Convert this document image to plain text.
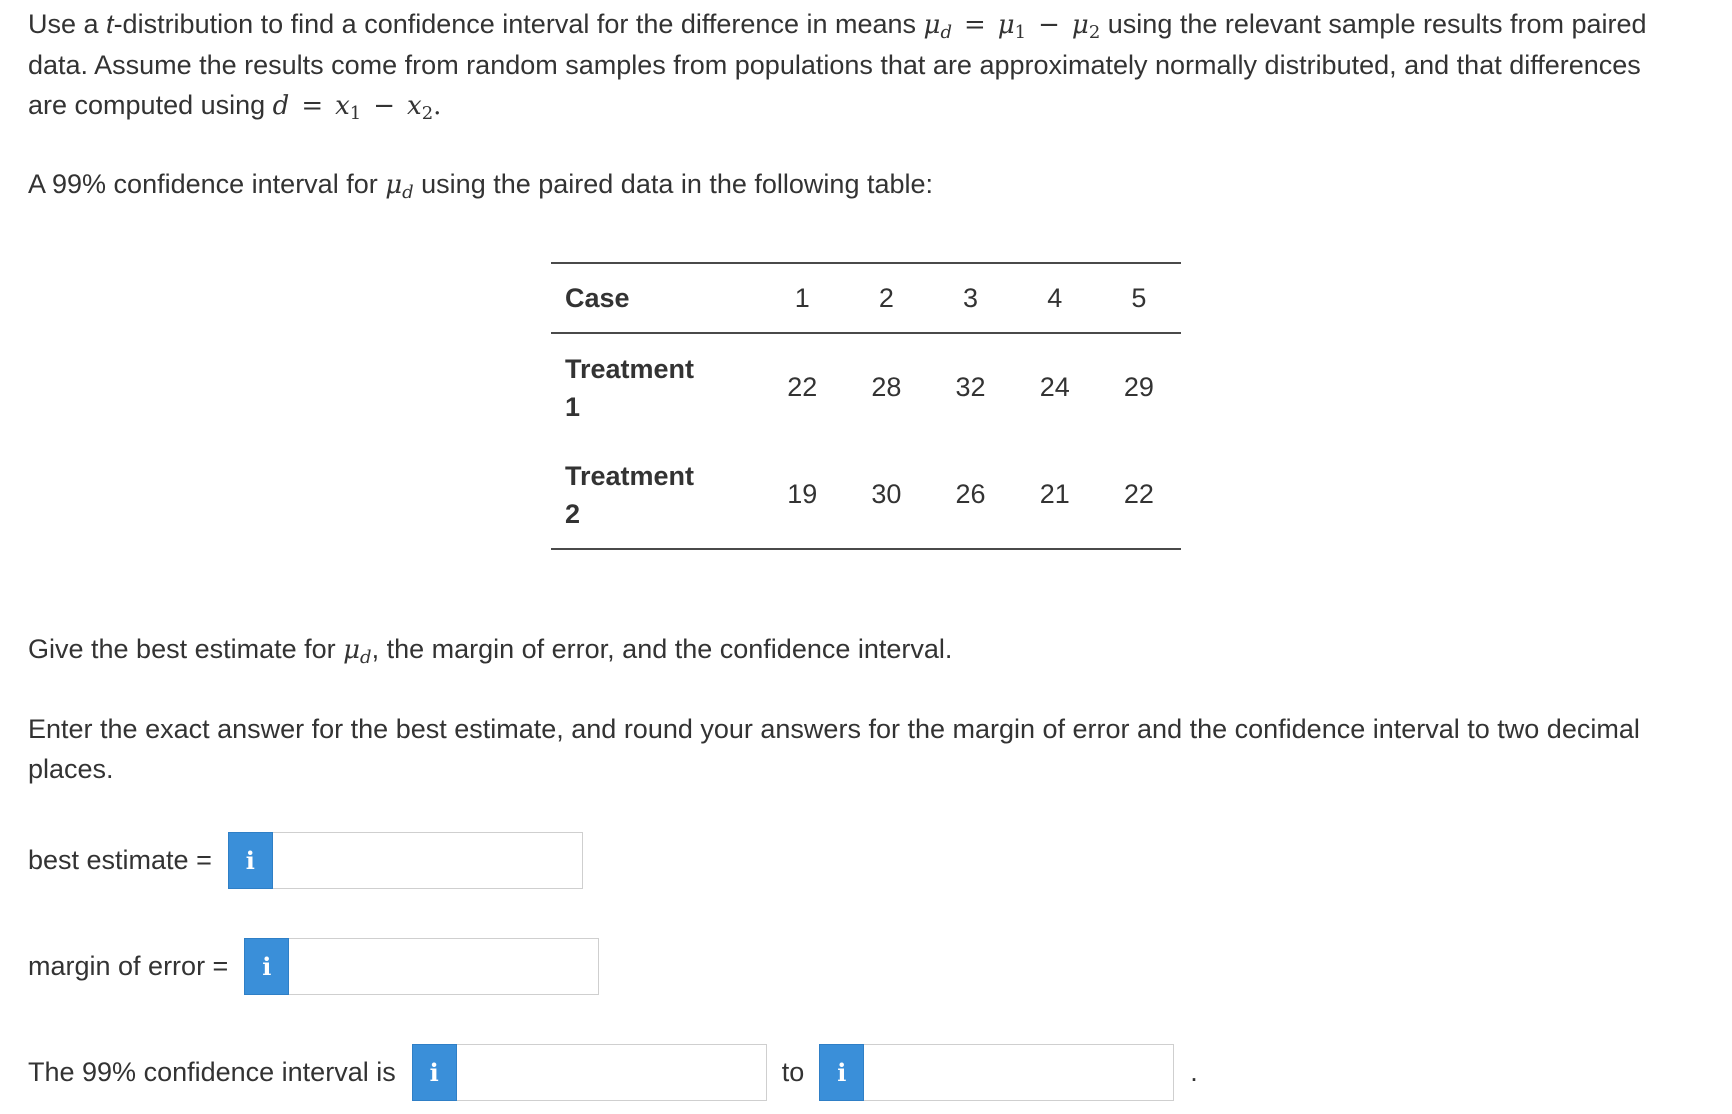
Use a t-distribution to find a confidence interval for the difference in means $\mu_d = \mu_1 - \mu_2$ using the relevant sample results from paired data. Assume the results come from random samples from populations that are approximately normally distributed, and that differences are computed using $d = x_1 - x_2$.

A 99% confidence interval for $\mu_d$ using the paired data in the following table:

Case	1	2	3	4	5

Treatment 1	22	28	32	24	29

Treatment 2	19	30	26	21	22

Give the best estimate for $\mu_d$, the margin of error, and the confidence interval.

Enter the exact answer for the best estimate, and round your answers for the margin of error and the confidence interval to two decimal places.

best estimate =	i
margin of error =	i
The 99% confidence interval is	i	to	i	.
